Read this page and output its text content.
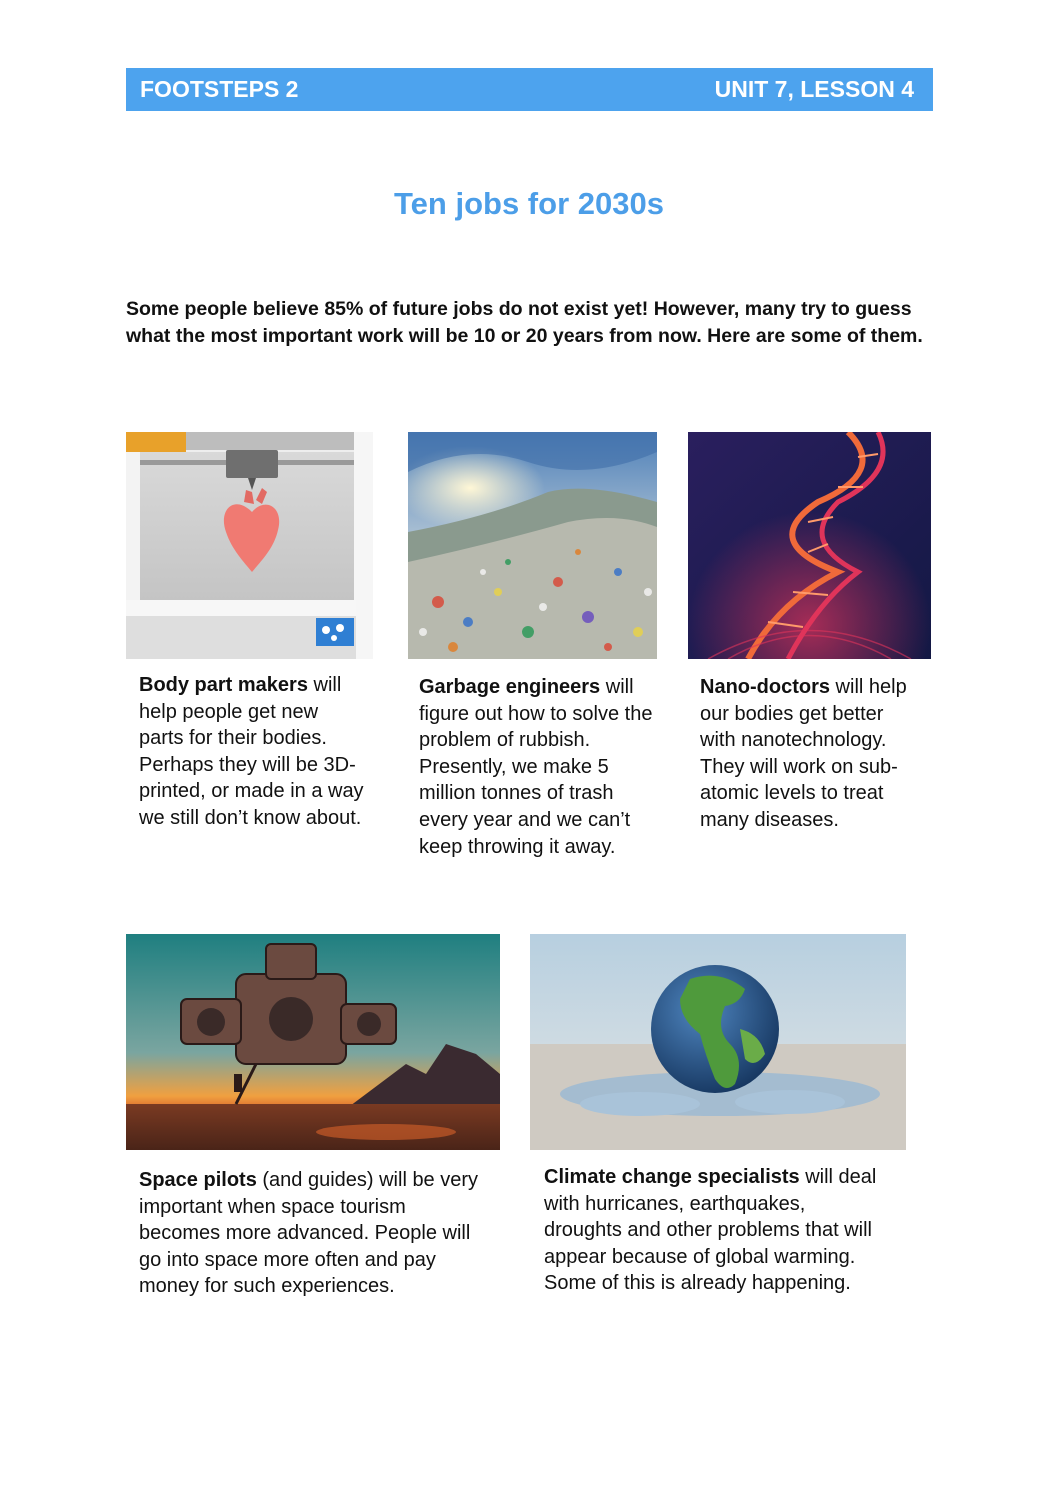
FOOTSTEPS 2	UNIT 7, LESSON 4
Ten jobs for 2030s

Some people believe 85% of future jobs do not exist yet! However, many try to guess what the most important work will be 10 or 20 years from now. Here are some of them.

Body part makers will help people get new parts for their bodies. Perhaps they will be 3D-printed, or made in a way we still don’t know about.

Garbage engineers will figure out how to solve the problem of rubbish. Presently, we make 5 million tonnes of trash every year and we can’t keep throwing it away.

Nano-doctors will help our bodies get better with nanotechnology. They will work on sub-atomic levels to treat many diseases.

Space pilots (and guides) will be very important when space tourism becomes more advanced. People will go into space more often and pay money for such experiences.

Climate change specialists will deal with hurricanes, earthquakes, droughts and other problems that will appear because of global warming. Some of this is already happening.
